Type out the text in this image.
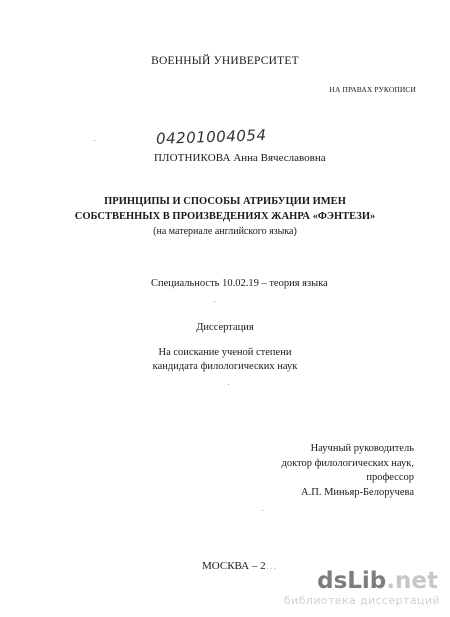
ВОЕННЫЙ УНИВЕРСИТЕТ
НА ПРАВАХ РУКОПИСИ
04201004054
ПЛОТНИКОВА Анна Вячеславовна
ПРИНЦИПЫ И СПОСОБЫ АТРИБУЦИИ ИМЕН
СОБСТВЕННЫХ В ПРОИЗВЕДЕНИЯХ ЖАНРА «ФЭНТЕЗИ»
(на материале английского языка)
Специальность 10.02.19 – теория языка
Диссертация
На соискание ученой степени
кандидата филологических наук
Научный руководитель
доктор филологических наук,
профессор
А.П. Миньяр-Белоручева
МОСКВА – 2…
dsLib.net
библиотека диссертаций
